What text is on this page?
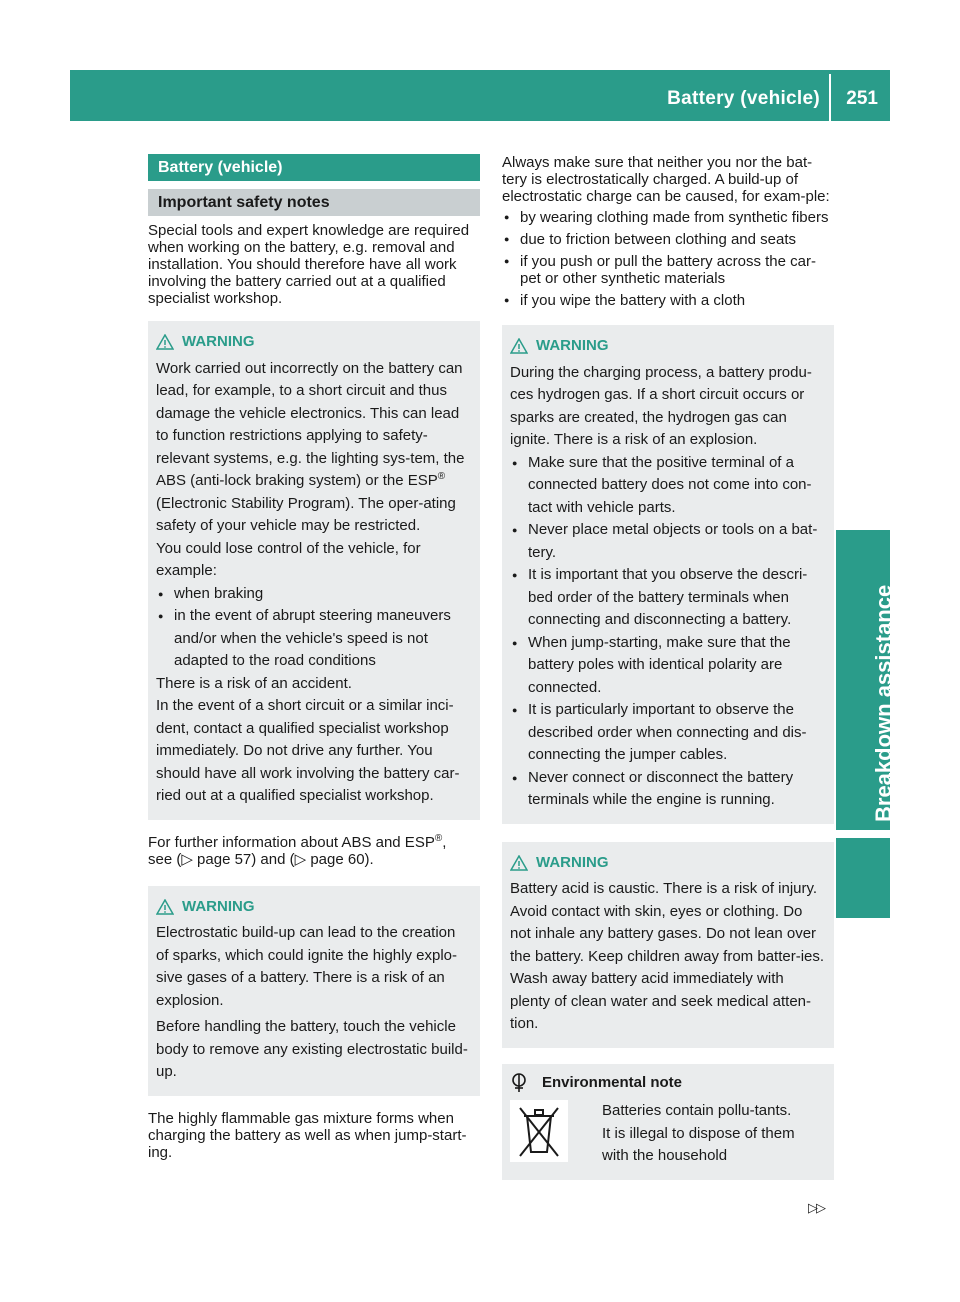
Battery (vehicle) 251
Breakdown assistance
Battery (vehicle)
Important safety notes

Special tools and expert knowledge are required when working on the battery, e.g. removal and installation. You should therefore have all work involving the battery carried out at a qualified specialist workshop.

WARNING

Work carried out incorrectly on the battery can lead, for example, to a short circuit and thus damage the vehicle electronics. This can lead to function restrictions applying to safety-relevant systems, e.g. the lighting sys-tem, the ABS (anti-lock braking system) or the ESP® (Electronic Stability Program). The oper-ating safety of your vehicle may be restricted.

You could lose control of the vehicle, for example:

● when braking
● in the event of abrupt steering maneuvers and/or when the vehicle's speed is not adapted to the road conditions

There is a risk of an accident.

In the event of a short circuit or a similar inci-dent, contact a qualified specialist workshop immediately. Do not drive any further. You should have all work involving the battery car-ried out at a qualified specialist workshop.

For further information about ABS and ESP®,
see (▷ page 57) and (▷ page 60).

WARNING

Electrostatic build-up can lead to the creation of sparks, which could ignite the highly explo-sive gases of a battery. There is a risk of an explosion.

Before handling the battery, touch the vehicle body to remove any existing electrostatic build-up.

The highly flammable gas mixture forms when charging the battery as well as when jump-start-ing.

Always make sure that neither you nor the bat-tery is electrostatically charged. A build-up of electrostatic charge can be caused, for exam-ple:

● by wearing clothing made from synthetic fibers
● due to friction between clothing and seats
● if you push or pull the battery across the car-pet or other synthetic materials
● if you wipe the battery with a cloth
WARNING

During the charging process, a battery produ-ces hydrogen gas. If a short circuit occurs or sparks are created, the hydrogen gas can ignite. There is a risk of an explosion.

● Make sure that the positive terminal of a connected battery does not come into con-tact with vehicle parts.
● Never place metal objects or tools on a bat-tery.
● It is important that you observe the descri-bed order of the battery terminals when connecting and disconnecting a battery.
● When jump-starting, make sure that the battery poles with identical polarity are connected.
● It is particularly important to observe the described order when connecting and dis-connecting the jumper cables.
● Never connect or disconnect the battery terminals while the engine is running.
WARNING

Battery acid is caustic. There is a risk of injury. Avoid contact with skin, eyes or clothing. Do not inhale any battery gases. Do not lean over the battery. Keep children away from batter-ies. Wash away battery acid immediately with plenty of clean water and seek medical atten-tion.

Environmental note

Batteries contain pollu-tants. It is illegal to dispose of them with the household

▷▷
